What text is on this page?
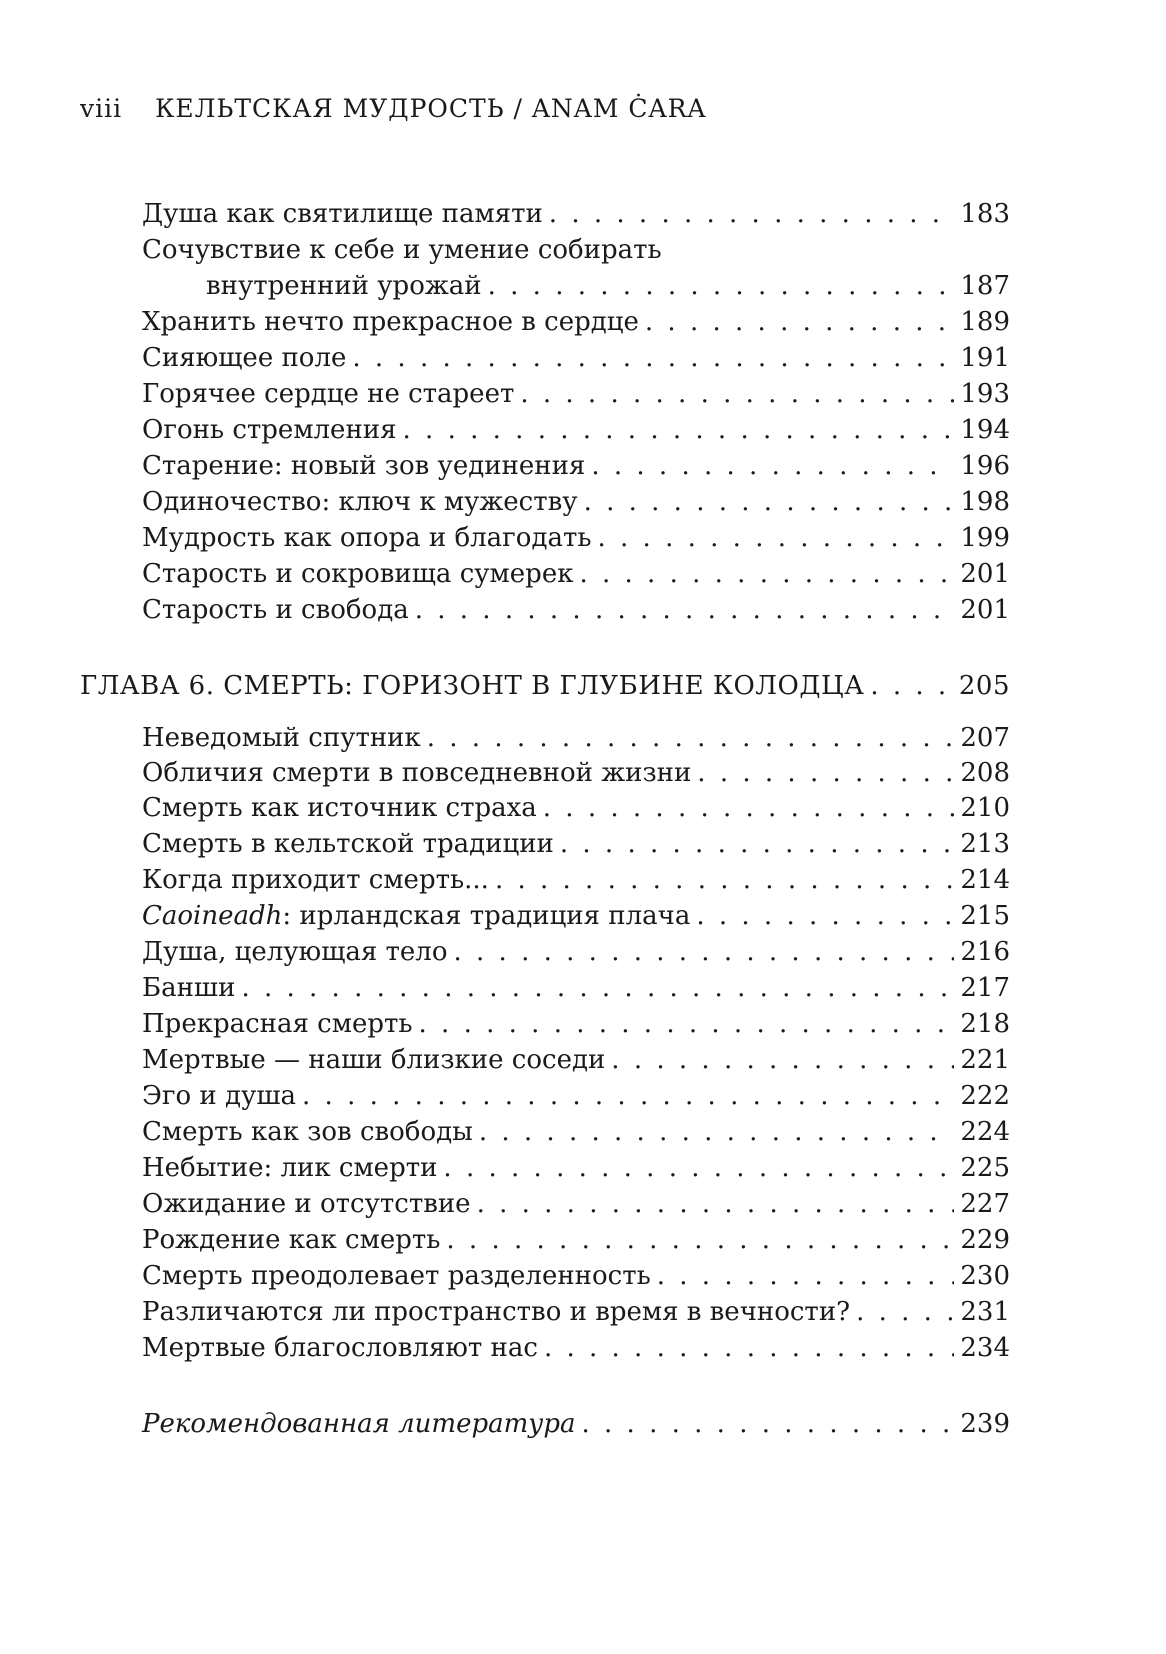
viii КЕЛЬТСКАЯ МУДРОСТЬ / ANAM ĊARA
Душа как святилище памяти . . .	183
Сочувствие к себе и умение собирать
внутренний урожай . . .	187
Хранить нечто прекрасное в сердце . . .	189
Сияющее поле . . .	191
Горячее сердце не стареет . . .	193
Огонь стремления . . .	194
Старение: новый зов уединения . . .	196
Одиночество: ключ к мужеству . . .	198
Мудрость как опора и благодать . . .	199
Старость и сокровища сумерек . . .	201
Старость и свобода . . .	201
ГЛАВА 6. СМЕРТЬ: ГОРИЗОНТ В ГЛУБИНЕ КОЛОДЦА . . .	205
Неведомый спутник . . .	207
Обличия смерти в повседневной жизни . . .	208
Смерть как источник страха . . .	210
Смерть в кельтской традиции . . .	213
Когда приходит смерть... . . .	214
Caoineadh: ирландская традиция плача . . .	215
Душа, целующая тело . . .	216
Банши . . .	217
Прекрасная смерть . . .	218
Мертвые — наши близкие соседи . . .	221
Эго и душа . . .	222
Смерть как зов свободы . . .	224
Небытие: лик смерти . . .	225
Ожидание и отсутствие . . .	227
Рождение как смерть . . .	229
Смерть преодолевает разделенность . . .	230
Различаются ли пространство и время в вечности? . . .	231
Мертвые благословляют нас . . .	234
Рекомендованная литература . . .	239
